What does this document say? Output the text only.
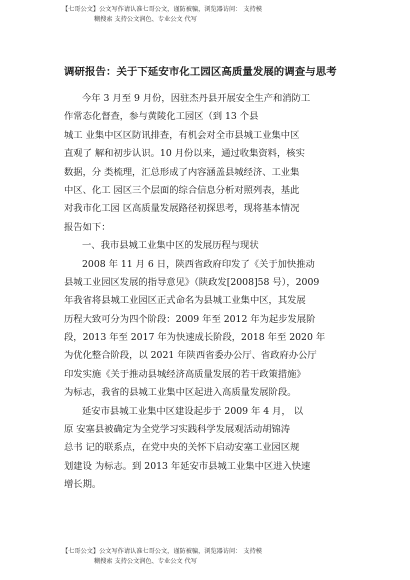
【七哥公文】公文写作请认准七哥公文，谨防被骗，浏览器访问： 支持模
糊搜索 支持公文润色、专业公文 代写
调研报告：关于下延安市化工园区高质量发展的调查与思考
今年 3 月至 9 月份，因驻杰丹县开展安全生产和消防工
作常态化督查，参与黄陵化工园区（到 13 个县
城工 业集中区区防讯排查，有机会对全市县城工业集中区
直观了 解和初步认识。10 月份以来，通过收集资料，核实
数据，分 类梳理，汇总形成了内容涵盖县城经济、工业集
中区、化工 园区三个层面的综合信息分析对照列表，基此
对我市化工园 区高质量发展路径初探思考，现将基本情况
报告如下：
一、我市县城工业集中区的发展历程与现状
2008 年 11 月 6 日，陕西省政府印发了《关于加快推动
县城工业园区发展的指导意见》（陕政发[2008]58 号），2009
年我省将县城工业园区正式命名为县城工业集中区，其发展
历程大致可分为四个阶段：2009 年至 2012 年为起步发展阶
段，2013 年至 2017 年为快速成长阶段，2018 年至 2020 年
为优化整合阶段，以 2021 年陕西省委办公厅、省政府办公厅
印发实施《关于推动县城经济高质量发展的若干政策措施》
为标志，我省的县城工业集中区起进入高质量发展阶段。
延安市县城工业集中区建设起步于 2009 年 4 月， 以
原 安塞县被确定为全党学习实践科学发展观活动胡锦涛
总书 记的联系点，在党中央的关怀下启动安塞工业园区规
划建设 为标志。到 2013 年延安市县城工业集中区进入快速
增长期。
【七哥公文】公文写作请认准七哥公文，谨防被骗，浏览器访问： 支持模
糊搜索 支持公文润色、专业公文 代写
